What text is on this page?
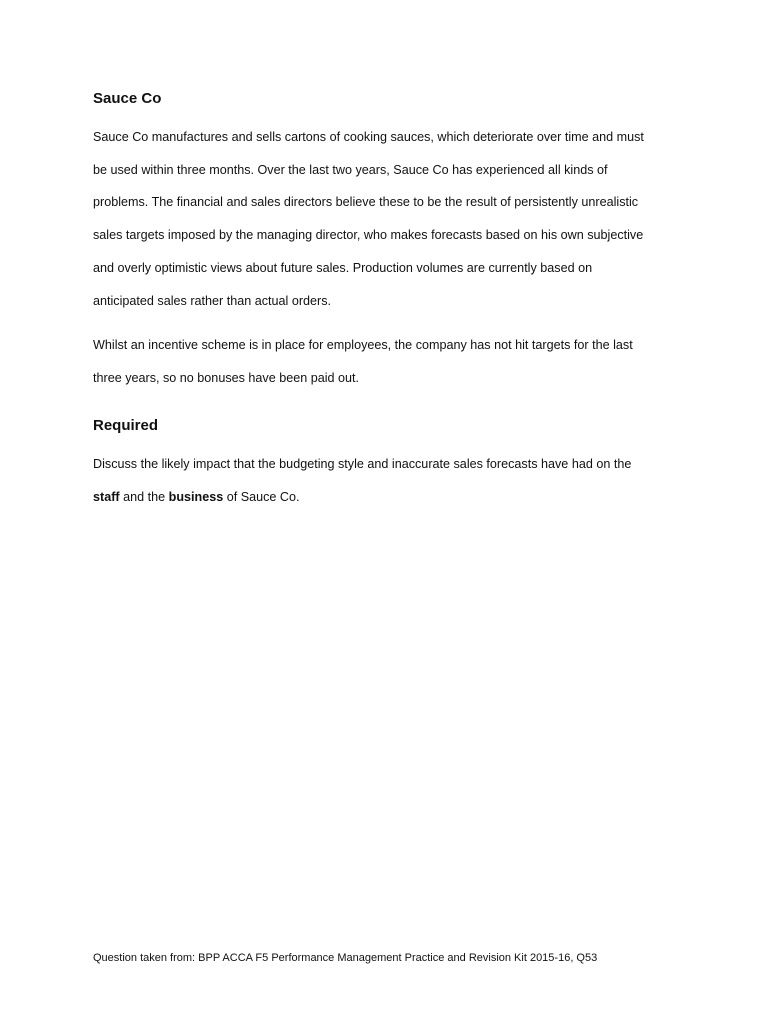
Sauce Co

Sauce Co manufactures and sells cartons of cooking sauces, which deteriorate over time and must
be used within three months. Over the last two years, Sauce Co has experienced all kinds of
problems. The financial and sales directors believe these to be the result of persistently unrealistic
sales targets imposed by the managing director, who makes forecasts based on his own subjective
and overly optimistic views about future sales. Production volumes are currently based on
anticipated sales rather than actual orders.

Whilst an incentive scheme is in place for employees, the company has not hit targets for the last
three years, so no bonuses have been paid out.

Required

Discuss the likely impact that the budgeting style and inaccurate sales forecasts have had on the
staff and the business of Sauce Co.

Question taken from: BPP ACCA F5 Performance Management Practice and Revision Kit 2015-16, Q53
